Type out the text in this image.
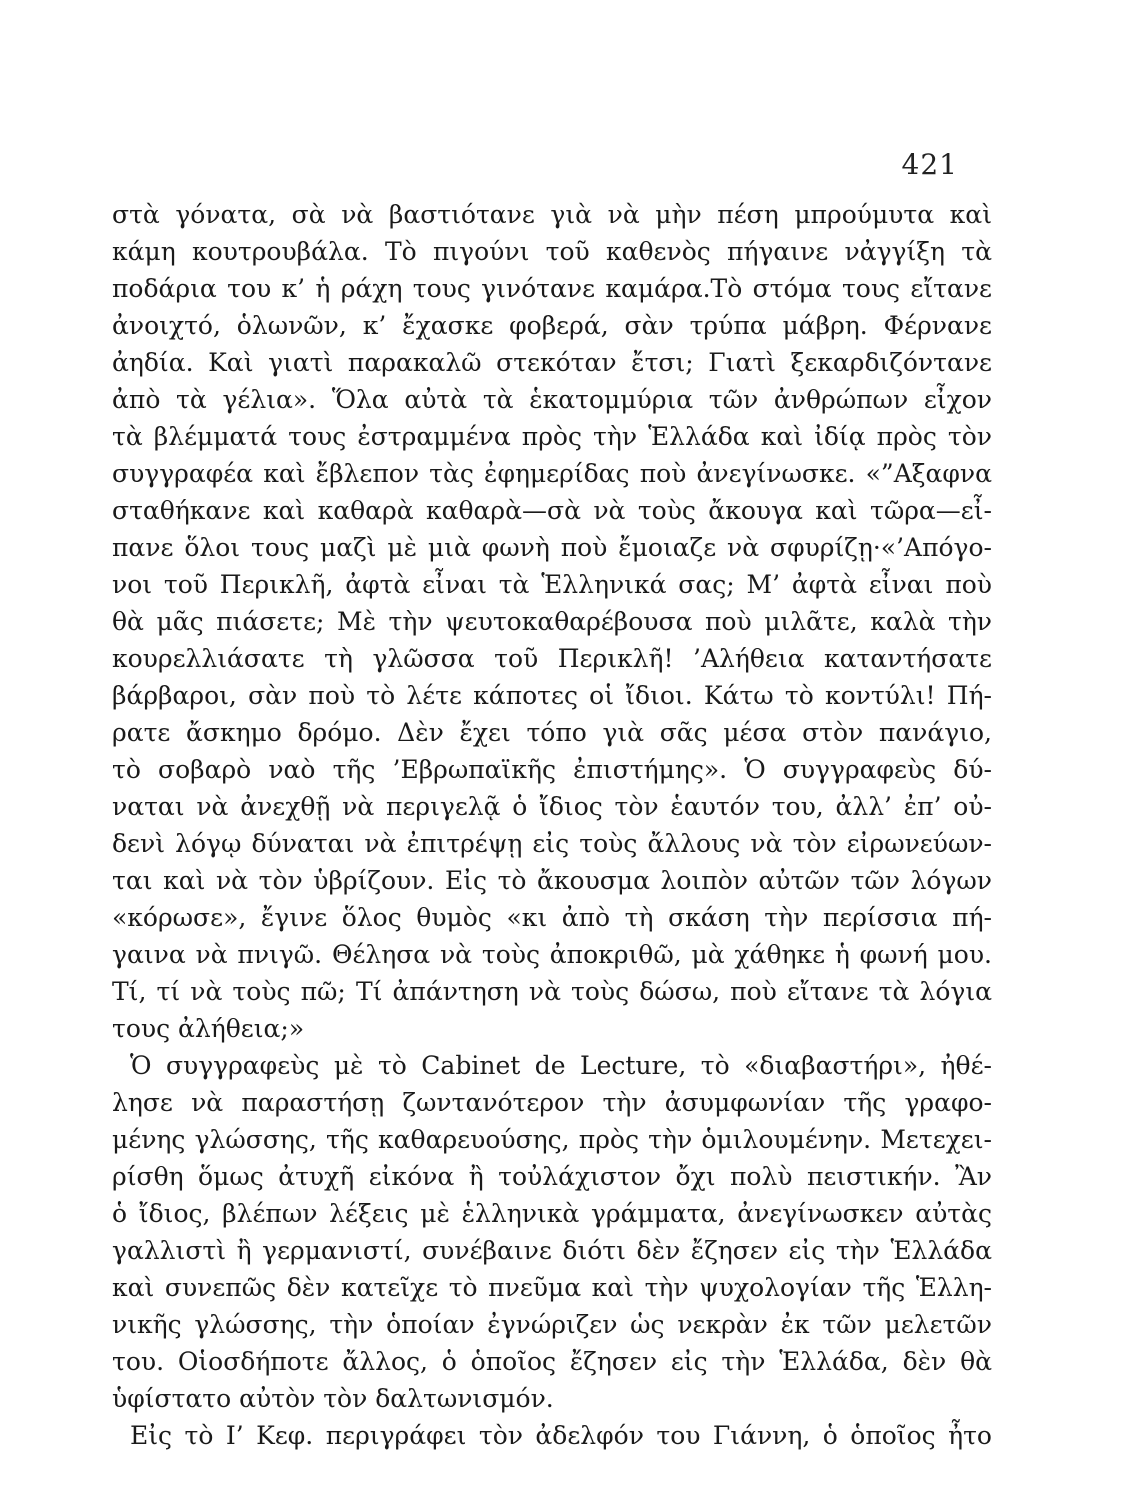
421
στὰ γόνατα, σὰ νὰ βαστιότανε γιὰ νὰ μὴν πέση μπρούμυτα καὶ
κάμη κουτρουβάλα. Τὸ πιγούνι τοῦ καθενὸς πήγαινε νἀγγίξη τὰ
ποδάρια του κ’ ἡ ράχη τους γινότανε καμάρα.Τὸ στόμα τους εἴτανε
ἀνοιχτό, ὁλωνῶν, κ’ ἔχασκε φοβερά, σὰν τρύπα μάβρη. Φέρνανε
ἀηδία. Καὶ γιατὶ παρακαλῶ στεκόταν ἔτσι; Γιατὶ ξεκαρδιζόντανε
ἀπὸ τὰ γέλια». Ὅλα αὐτὰ τὰ ἑκατομμύρια τῶν ἀνθρώπων εἶχον
τὰ βλέμματά τους ἐστραμμένα πρὸς τὴν Ἑλλάδα καὶ ἰδίᾳ πρὸς τὸν
συγγραφέα καὶ ἔβλεπον τὰς ἐφημερίδας ποὺ ἀνεγίνωσκε. «”Αξαφνα
σταθήκανε καὶ καθαρὰ καθαρὰ—σὰ νὰ τοὺς ἄκουγα καὶ τῶρα—εἶ-
πανε ὅλοι τους μαζὶ μὲ μιὰ φωνὴ ποὺ ἔμοιαζε νὰ σφυρίζῃ·«’Απόγο-
νοι τοῦ Περικλῆ, ἀφτὰ εἶναι τὰ Ἑλληνικά σας; Μ’ ἀφτὰ εἶναι ποὺ
θὰ μᾶς πιάσετε; Μὲ τὴν ψευτοκαθαρέβουσα ποὺ μιλᾶτε, καλὰ τὴν
κουρελλιάσατε τὴ γλῶσσα τοῦ Περικλῆ! ’Αλήθεια καταντήσατε
βάρβαροι, σὰν ποὺ τὸ λέτε κάποτες οἱ ἴδιοι. Κάτω τὸ κοντύλι! Πή-
ρατε ἄσκημο δρόμο. Δὲν ἔχει τόπο γιὰ σᾶς μέσα στὸν πανάγιο,
τὸ σοβαρὸ ναὸ τῆς ’Εβρωπαϊκῆς ἐπιστήμης». Ὁ συγγραφεὺς δύ-
ναται νὰ ἀνεχθῇ νὰ περιγελᾷ ὁ ἴδιος τὸν ἑαυτόν του, ἀλλ’ ἐπ’ οὐ-
δενὶ λόγῳ δύναται νὰ ἐπιτρέψῃ εἰς τοὺς ἄλλους νὰ τὸν εἰρωνεύων-
ται καὶ νὰ τὸν ὑβρίζουν. Εἰς τὸ ἄκουσμα λοιπὸν αὐτῶν τῶν λόγων
«κόρωσε», ἔγινε ὅλος θυμὸς «κι ἀπὸ τὴ σκάση τὴν περίσσια πή-
γαινα νὰ πνιγῶ. Θέλησα νὰ τοὺς ἀποκριθῶ, μὰ χάθηκε ἡ φωνή μου.
Τί, τί νὰ τοὺς πῶ; Τί ἀπάντηση νὰ τοὺς δώσω, ποὺ εἴτανε τὰ λόγια
τους ἀλήθεια;»
Ὁ συγγραφεὺς μὲ τὸ Cabinet de Lecture, τὸ «διαβαστήρι», ἠθέ-
λησε νὰ παραστήσῃ ζωντανότερον τὴν ἀσυμφωνίαν τῆς γραφο-
μένης γλώσσης, τῆς καθαρευούσης, πρὸς τὴν ὁμιλουμένην. Μετεχει-
ρίσθη ὅμως ἀτυχῆ εἰκόνα ἢ τοὐλάχιστον ὄχι πολὺ πειστικήν. Ἂν
ὁ ἴδιος, βλέπων λέξεις μὲ ἑλληνικὰ γράμματα, ἀνεγίνωσκεν αὐτὰς
γαλλιστὶ ἢ γερμανιστί, συνέβαινε διότι δὲν ἔζησεν εἰς τὴν Ἑλλάδα
καὶ συνεπῶς δὲν κατεῖχε τὸ πνεῦμα καὶ τὴν ψυχολογίαν τῆς Ἑλλη-
νικῆς γλώσσης, τὴν ὁποίαν ἐγνώριζεν ὡς νεκρὰν ἐκ τῶν μελετῶν
του. Οἱοσδήποτε ἄλλος, ὁ ὁποῖος ἔζησεν εἰς τὴν Ἑλλάδα, δὲν θὰ
ὑφίστατο αὐτὸν τὸν δαλτωνισμόν.
Εἰς τὸ Ι’ Κεφ. περιγράφει τὸν ἀδελφόν του Γιάννη, ὁ ὁποῖος ἦτο
